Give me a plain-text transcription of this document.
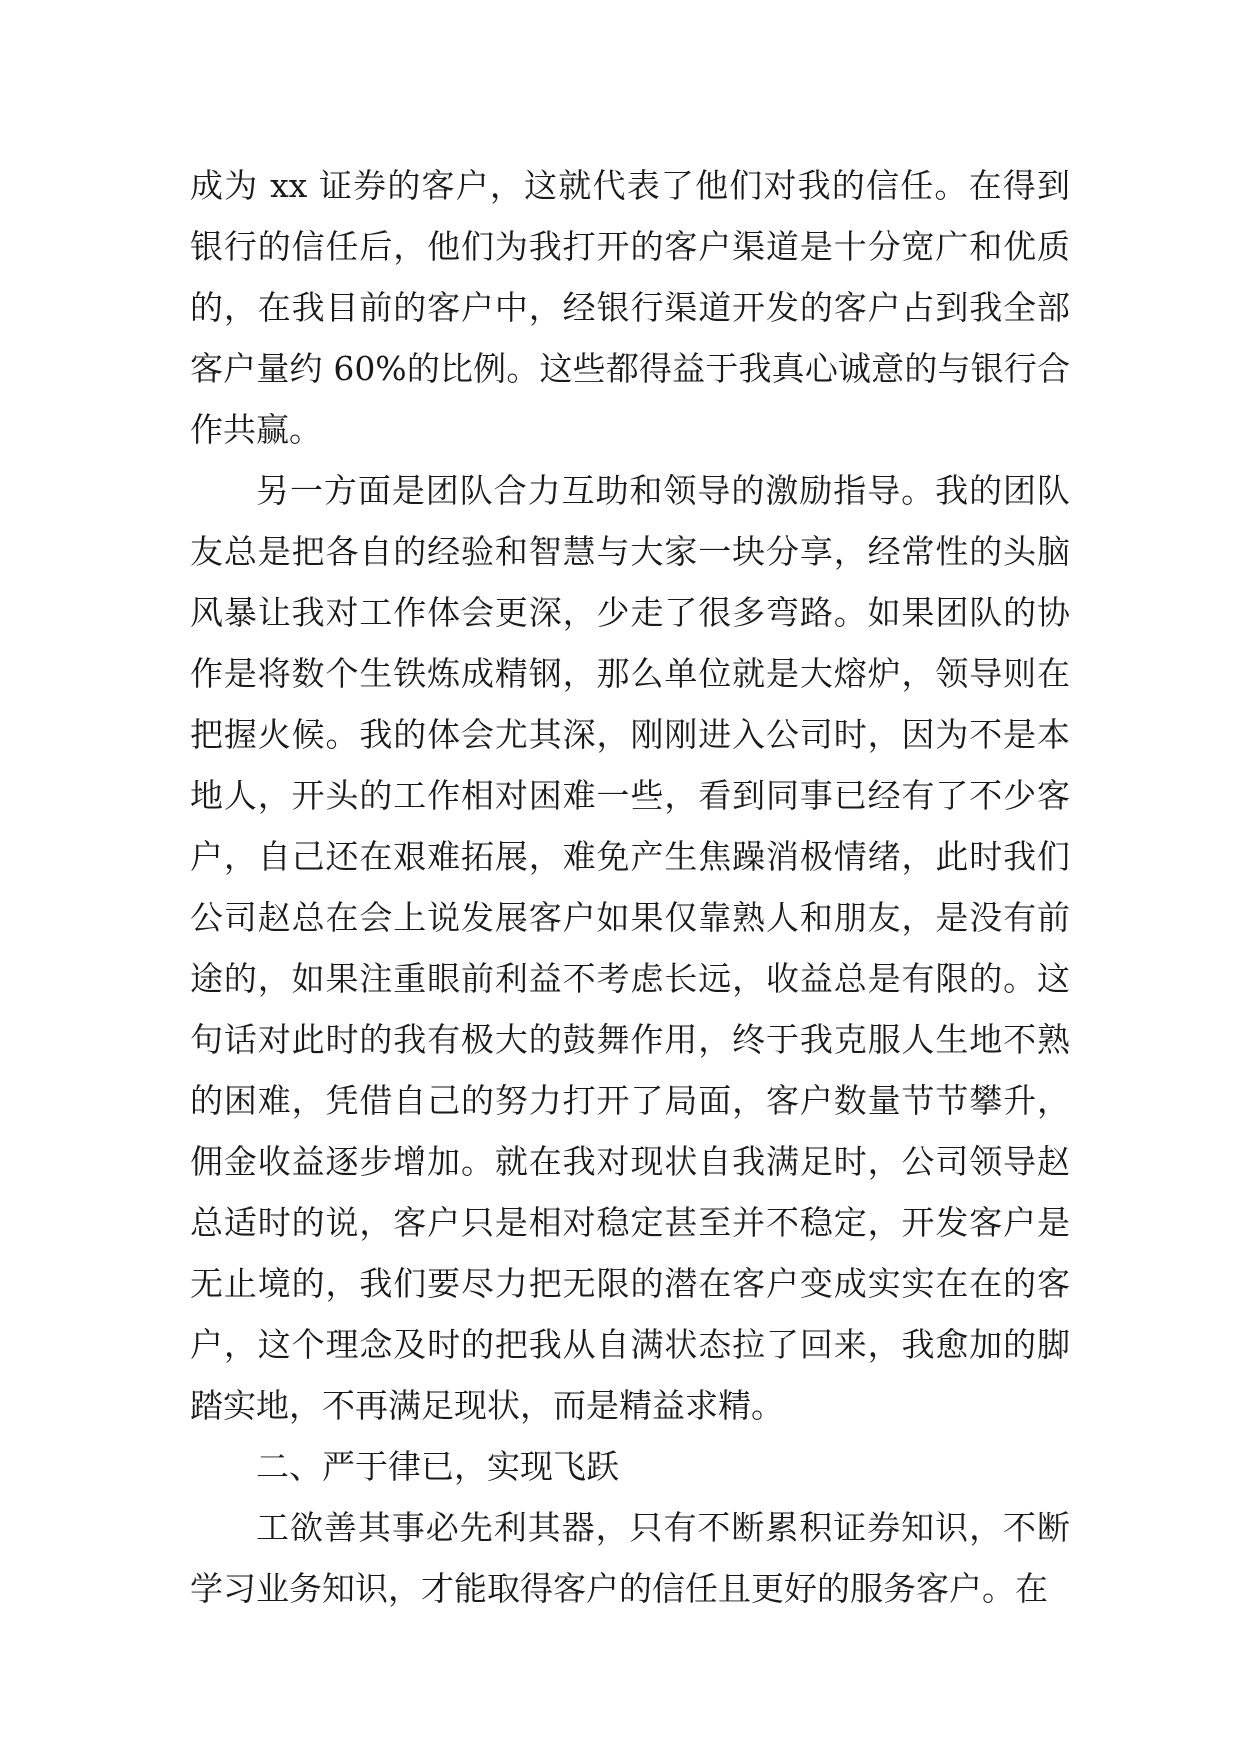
成为 xx 证券的客户，这就代表了他们对我的信任。在得到
银行的信任后，他们为我打开的客户渠道是十分宽广和优质
的，在我目前的客户中，经银行渠道开发的客户占到我全部
客户量约 60%的比例。这些都得益于我真心诚意的与银行合
作共赢。
另一方面是团队合力互助和领导的激励指导。我的团队
友总是把各自的经验和智慧与大家一块分享，经常性的头脑
风暴让我对工作体会更深，少走了很多弯路。如果团队的协
作是将数个生铁炼成精钢，那么单位就是大熔炉，领导则在
把握火候。我的体会尤其深，刚刚进入公司时，因为不是本
地人，开头的工作相对困难一些，看到同事已经有了不少客
户，自己还在艰难拓展，难免产生焦躁消极情绪，此时我们
公司赵总在会上说发展客户如果仅靠熟人和朋友，是没有前
途的，如果注重眼前利益不考虑长远，收益总是有限的。这
句话对此时的我有极大的鼓舞作用，终于我克服人生地不熟
的困难，凭借自己的努力打开了局面，客户数量节节攀升，
佣金收益逐步增加。就在我对现状自我满足时，公司领导赵
总适时的说，客户只是相对稳定甚至并不稳定，开发客户是
无止境的，我们要尽力把无限的潜在客户变成实实在在的客
户，这个理念及时的把我从自满状态拉了回来，我愈加的脚
踏实地，不再满足现状，而是精益求精。
二、严于律已，实现飞跃
工欲善其事必先利其器，只有不断累积证券知识，不断
学习业务知识，才能取得客户的信任且更好的服务客户。在
